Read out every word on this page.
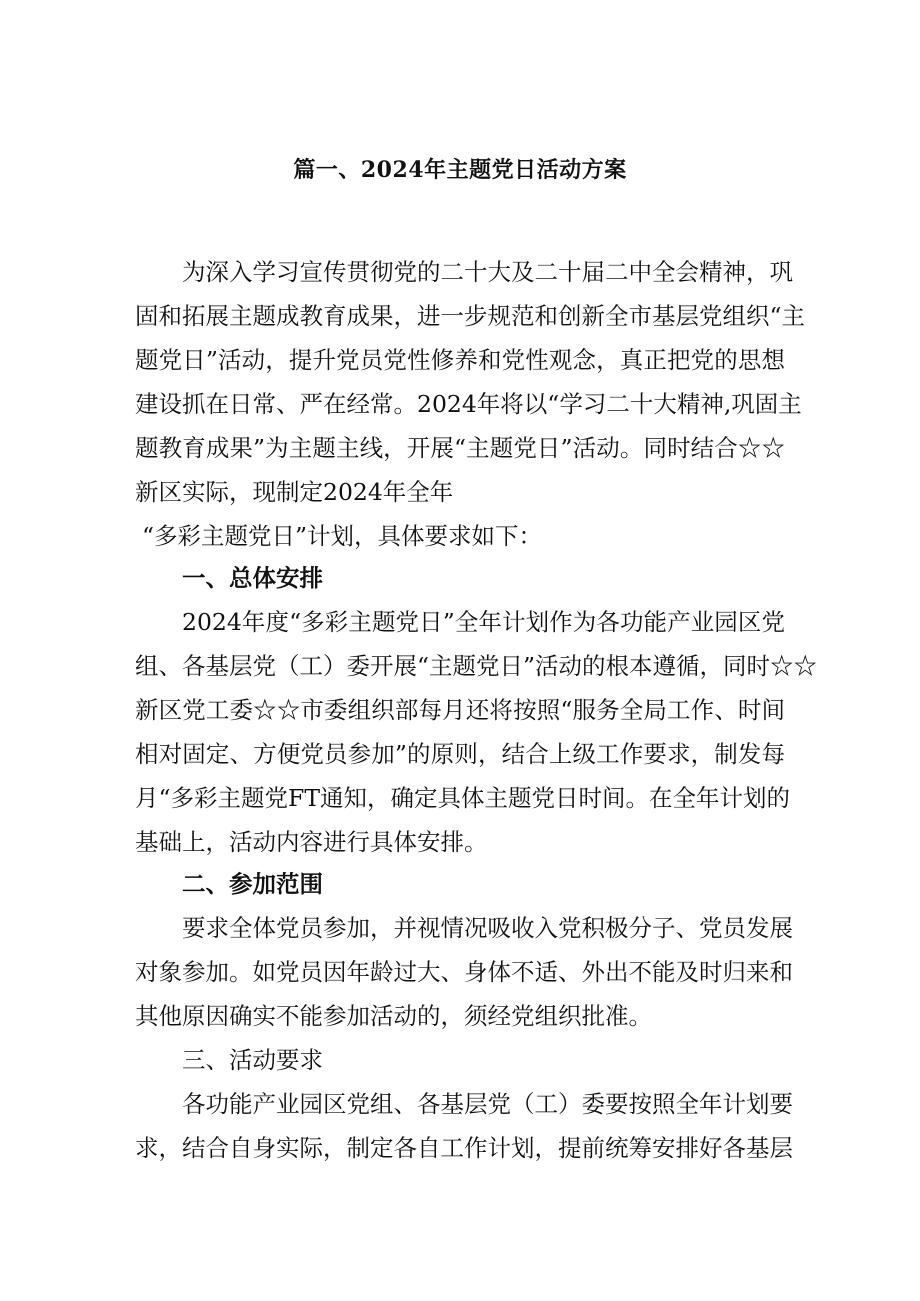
篇一、2024年主题党日活动方案
为深入学习宣传贯彻党的二十大及二十届二中全会精神，巩
固和拓展主题成教育成果，进一步规范和创新全市基层党组织“主
题党日”活动，提升党员党性修养和党性观念，真正把党的思想
建设抓在日常、严在经常。2024年将以“学习二十大精神,巩固主
题教育成果”为主题主线，开展“主题党日”活动。同时结合☆☆
新区实际，现制定2024年全年
“多彩主题党日”计划，具体要求如下：
一、总体安排
2024年度“多彩主题党日”全年计划作为各功能产业园区党
组、各基层党（工）委开展“主题党日”活动的根本遵循，同时☆☆
新区党工委☆☆市委组织部每月还将按照“服务全局工作、时间
相对固定、方便党员参加”的原则，结合上级工作要求，制发每
月“多彩主题党FT通知，确定具体主题党日时间。在全年计划的
基础上，活动内容进行具体安排。
二、参加范围
要求全体党员参加，并视情况吸收入党积极分子、党员发展
对象参加。如党员因年龄过大、身体不适、外出不能及时归来和
其他原因确实不能参加活动的，须经党组织批准。
三、活动要求
各功能产业园区党组、各基层党（工）委要按照全年计划要
求，结合自身实际，制定各自工作计划，提前统筹安排好各基层
